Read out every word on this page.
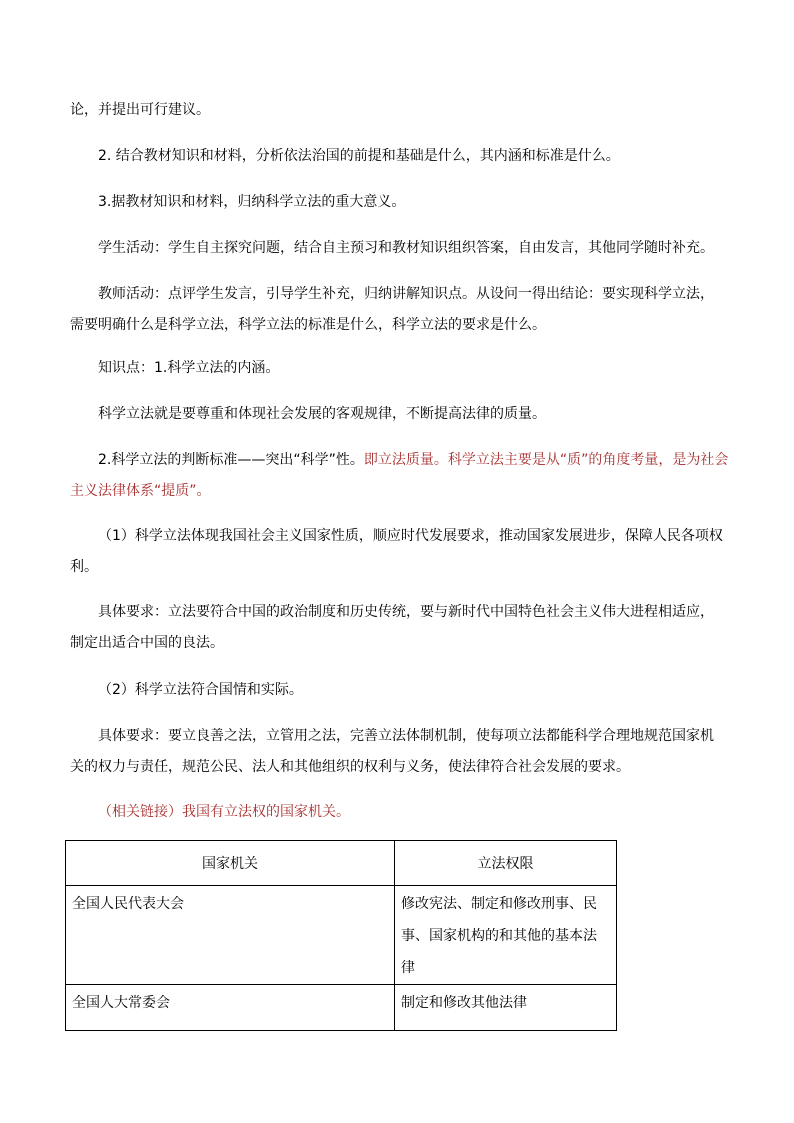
论，并提出可行建议。

2. 结合教材知识和材料，分析依法治国的前提和基础是什么，其内涵和标准是什么。

3.据教材知识和材料，归纳科学立法的重大意义。

学生活动：学生自主探究问题，结合自主预习和教材知识组织答案，自由发言，其他同学随时补充。

教师活动：点评学生发言，引导学生补充，归纳讲解知识点。从设问一得出结论：要实现科学立法，
需要明确什么是科学立法，科学立法的标准是什么，科学立法的要求是什么。

知识点：1.科学立法的内涵。

科学立法就是要尊重和体现社会发展的客观规律，不断提高法律的质量。

2.科学立法的判断标准——突出“科学”性。即立法质量。科学立法主要是从“质”的角度考量，是为社会
主义法律体系“提质”。
（1）科学立法体现我国社会主义国家性质，顺应时代发展要求，推动国家发展进步，保障人民各项权
利。
具体要求：立法要符合中国的政治制度和历史传统，要与新时代中国特色社会主义伟大进程相适应，
制定出适合中国的良法。

（2）科学立法符合国情和实际。

具体要求：要立良善之法，立管用之法，完善立法体制机制，使每项立法都能科学合理地规范国家机
关的权力与责任，规范公民、法人和其他组织的权利与义务，使法律符合社会发展的要求。

（相关链接）我国有立法权的国家机关。

国家机关	立法权限

全国人民代表大会	修改宪法、制定和修改刑事、民事、国家机构的和其他的基本法律

全国人大常委会	制定和修改其他法律
